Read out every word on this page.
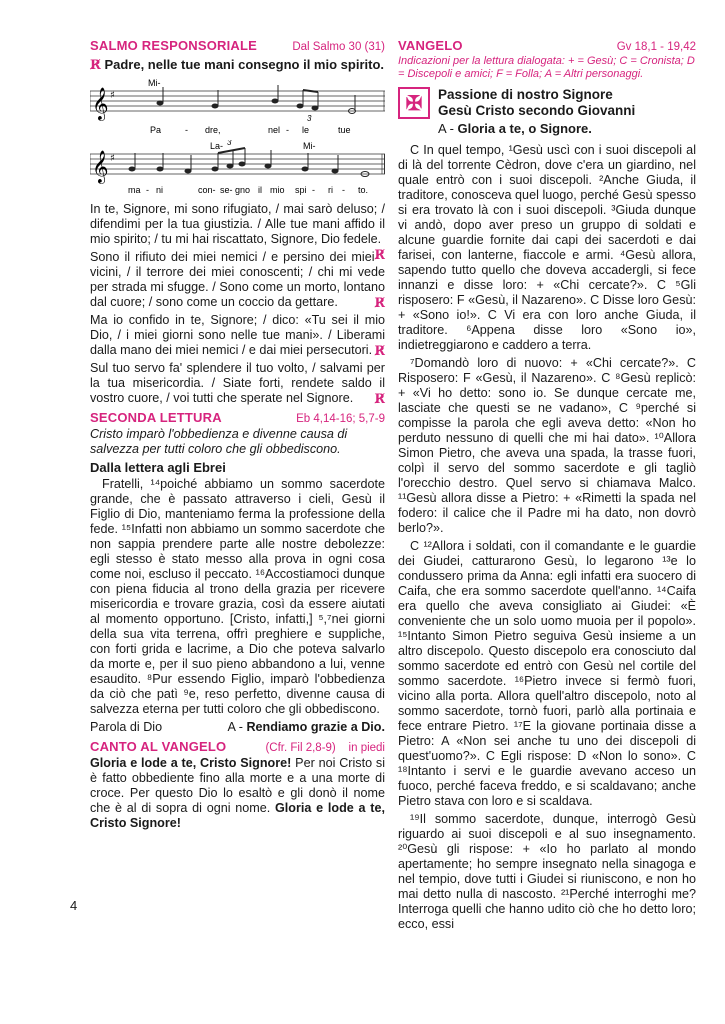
SALMO RESPONSORIALE	Dal Salmo 30 (31)

R̸ Padre, nelle tue mani consegno il mio spirito.

Mi-
𝄞 ♯
3
Pa	- dre,	nel - le	tue
La-	Mi-
𝄞 ♯
3
ma - ni	con- se- gno il mio spi - ri - to.

In te, Signore, mi sono rifugiato, / mai sarò deluso; / difendimi per la tua giustizia. / Alle tue mani affido il mio spirito; / tu mi hai riscattato, Signore, Dio fedele.
R̸

Sono il rifiuto dei miei nemici / e persino dei miei vicini, / il terrore dei miei conoscenti; / chi mi vede per strada mi sfugge. / Sono come un morto, lontano dal cuore; / sono come un coccio da gettare.	R̸

Ma io confido in te, Signore; / dico: «Tu sei il mio Dio, / i miei giorni sono nelle tue mani». / Liberami dalla mano dei miei nemici / e dai miei persecutori. R̸

Sul tuo servo fa' splendere il tuo volto, / salvami per la tua misericordia. / Siate forti, rendete saldo il vostro cuore, / voi tutti che sperate nel Signore. R̸

SECONDA LETTURA	Eb 4,14-16; 5,7-9

Cristo imparò l'obbedienza e divenne causa di salvezza per tutti coloro che gli obbediscono.

Dalla lettera agli Ebrei

Fratelli, ¹⁴poiché abbiamo un sommo sacerdote grande, che è passato attraverso i cieli, Gesù il Figlio di Dio, manteniamo ferma la professione della fede. ¹⁵Infatti non abbiamo un sommo sacerdote che non sappia prendere parte alle nostre debolezze: egli stesso è stato messo alla prova in ogni cosa come noi, escluso il peccato. ¹⁶Accostiamoci dunque con piena fiducia al trono della grazia per ricevere misericordia e trovare grazia, così da essere aiutati al momento opportuno. [Cristo, infatti,] ⁵,⁷nei giorni della sua vita terrena, offrì preghiere e suppliche, con forti grida e lacrime, a Dio che poteva salvarlo da morte e, per il suo pieno abbandono a lui, venne esaudito. ⁸Pur essendo Figlio, imparò l'obbedienza da ciò che patì ⁹e, reso perfetto, divenne causa di salvezza eterna per tutti coloro che gli obbediscono.

Parola di Dio	A - Rendiamo grazie a Dio.

CANTO AL VANGELO	(Cfr. Fil 2,8-9) in piedi

Gloria e lode a te, Cristo Signore! Per noi Cristo si è fatto obbediente fino alla morte e a una morte di croce. Per questo Dio lo esaltò e gli donò il nome che è al di sopra di ogni nome. Gloria e lode a te, Cristo Signore!

4
VANGELO	Gv 18,1 - 19,42

Indicazioni per la lettura dialogata: + = Gesù; C = Cronista; D = Discepoli e amici; F = Folla; A = Altri personaggi.

✠	Passione di nostro Signore

Gesù Cristo secondo Giovanni

A - Gloria a te, o Signore.

C In quel tempo, ¹Gesù uscì con i suoi discepoli al di là del torrente Cèdron, dove c'era un giardino, nel quale entrò con i suoi discepoli. ²Anche Giuda, il traditore, conosceva quel luogo, perché Gesù spesso si era trovato là con i suoi discepoli. ³Giuda dunque vi andò, dopo aver preso un gruppo di soldati e alcune guardie fornite dai capi dei sacerdoti e dai farisei, con lanterne, fiaccole e armi. ⁴Gesù allora, sapendo tutto quello che doveva accadergli, si fece innanzi e disse loro: + «Chi cercate?». C ⁵Gli risposero: F «Gesù, il Nazareno». C Disse loro Gesù: + «Sono io!». C Vi era con loro anche Giuda, il traditore. ⁶Appena disse loro «Sono io», indietreggiarono e caddero a terra.

⁷Domandò loro di nuovo: + «Chi cercate?». C Risposero: F «Gesù, il Nazareno». C ⁸Gesù replicò: + «Vi ho detto: sono io. Se dunque cercate me, lasciate che questi se ne vadano», C ⁹perché si compisse la parola che egli aveva detto: «Non ho perduto nessuno di quelli che mi hai dato». ¹⁰Allora Simon Pietro, che aveva una spada, la trasse fuori, colpì il servo del sommo sacerdote e gli tagliò l'orecchio destro. Quel servo si chiamava Malco. ¹¹Gesù allora disse a Pietro: + «Rimetti la spada nel fodero: il calice che il Padre mi ha dato, non dovrò berlo?».

C ¹²Allora i soldati, con il comandante e le guardie dei Giudei, catturarono Gesù, lo legarono ¹³e lo condussero prima da Anna: egli infatti era suocero di Caifa, che era sommo sacerdote quell'anno. ¹⁴Caifa era quello che aveva consigliato ai Giudei: «È conveniente che un solo uomo muoia per il popolo». ¹⁵Intanto Simon Pietro seguiva Gesù insieme a un altro discepolo. Questo discepolo era conosciuto dal sommo sacerdote ed entrò con Gesù nel cortile del sommo sacerdote. ¹⁶Pietro invece si fermò fuori, vicino alla porta. Allora quell'altro discepolo, noto al sommo sacerdote, tornò fuori, parlò alla portinaia e fece entrare Pietro. ¹⁷E la giovane portinaia disse a Pietro: A «Non sei anche tu uno dei discepoli di quest'uomo?». C Egli rispose: D «Non lo sono». C ¹⁸Intanto i servi e le guardie avevano acceso un fuoco, perché faceva freddo, e si scaldavano; anche Pietro stava con loro e si scaldava.

¹⁹Il sommo sacerdote, dunque, interrogò Gesù riguardo ai suoi discepoli e al suo insegnamento. ²⁰Gesù gli rispose: + «Io ho parlato al mondo apertamente; ho sempre insegnato nella sinagoga e nel tempio, dove tutti i Giudei si riuniscono, e non ho mai detto nulla di nascosto. ²¹Perché interroghi me? Interroga quelli che hanno udito ciò che ho detto loro; ecco, essi
